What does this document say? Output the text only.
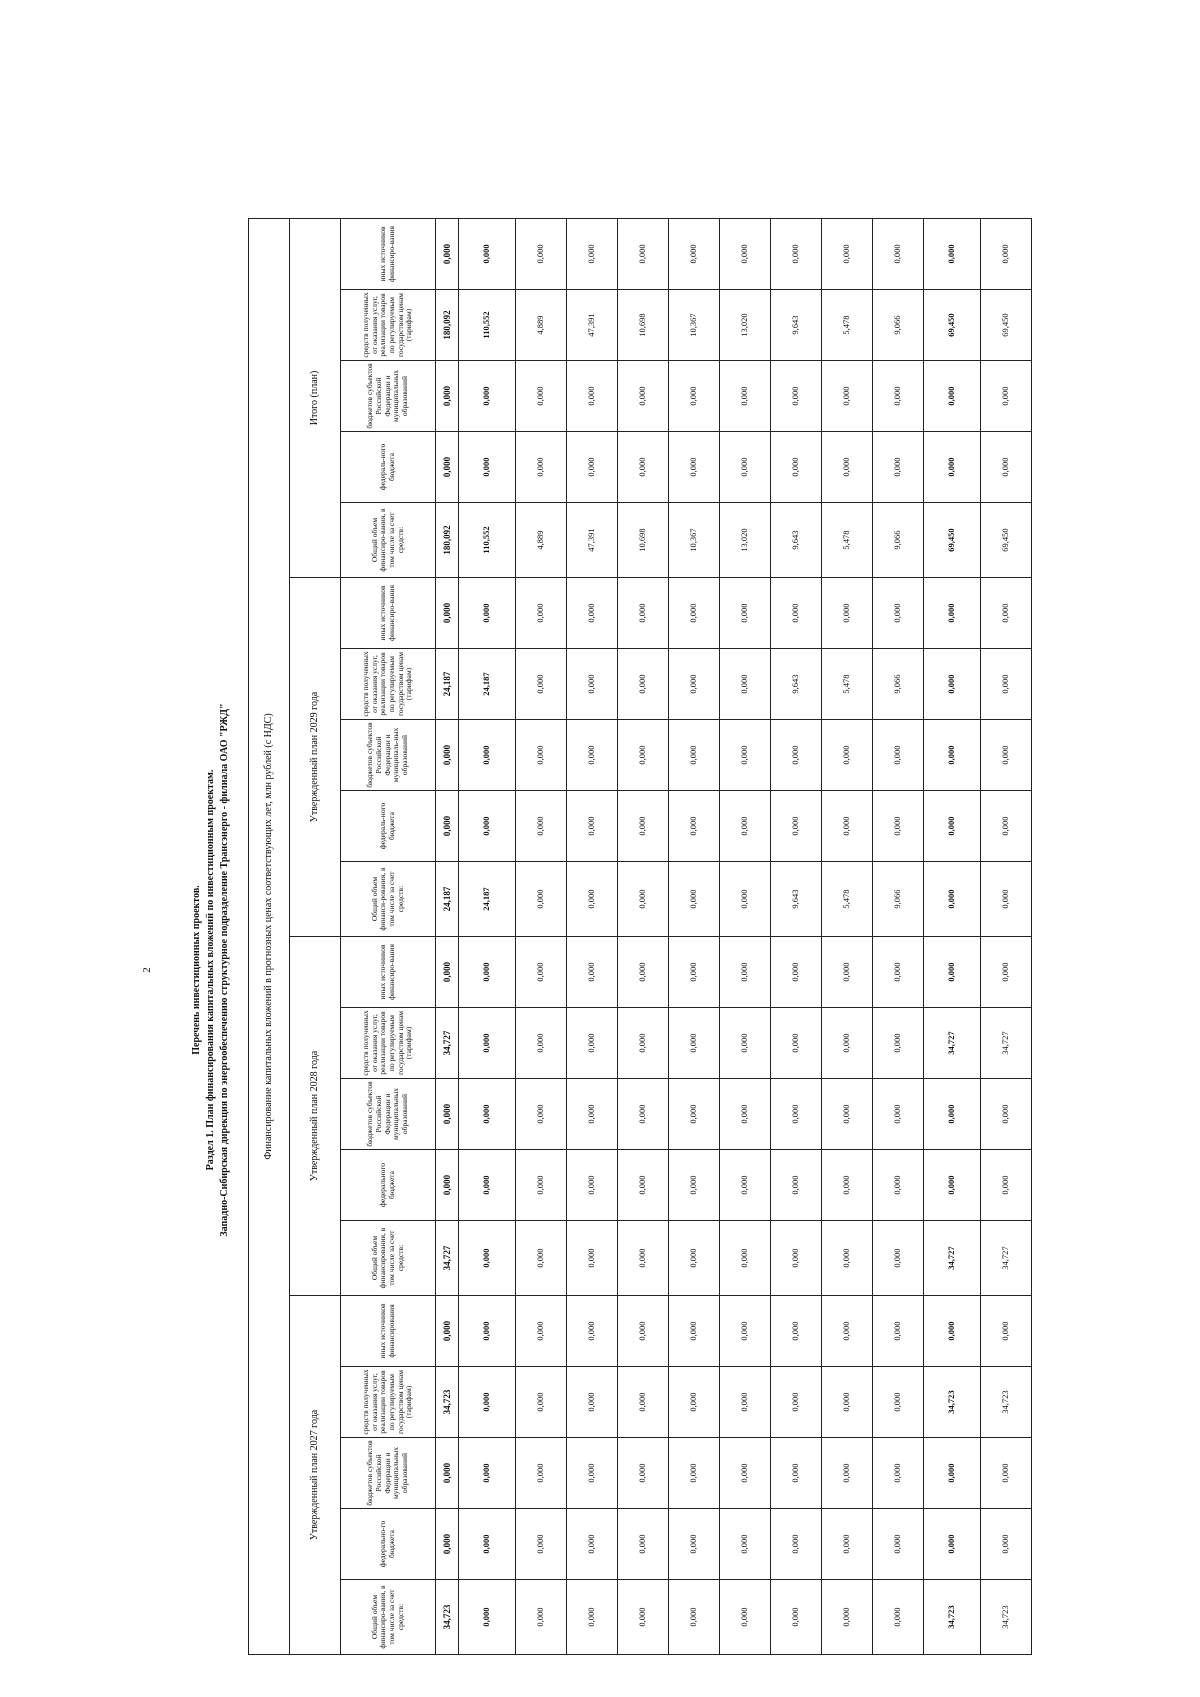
2	Перечень инвестиционных проектов. Раздел 1. План финансирования капитальных вложений по инвестиционным проектам. Западно-Сибирская дирекция по энергообеспечению структурное подразделение Трансэнерго - филиала ОАО "РЖД"	Финансирование капитальных вложений в прогнозных ценах соответствующих лет, млн рублей (с НДС)																			
Утвержденный план 2027 года					Утвержденный план 2028 года					Утвержденный план 2029 года					Итого (план)				
Общий объем финансиро-вания, в том числе за счет средств:	федерально-го бюджета	бюджетов субъектов Российской Федерации и муниципальных образований	средств полученных от оказания услуг, реализации товаров по регулируемым государством ценам (тарифам)	иных источников финансирования	Общий объем финансирования, в том числе за счет средств:	федерального бюджета	бюджетов субъектов Российской Федерации и муниципальных образований	средств полученных от оказания услуг, реализации товаров по регулируемым государством ценам (тарифам)	иных источников финансиро-вания	Общий объем финанси-рования, в том числе за счет средств:	федераль-ного бюджета	бюджетов субъектов Российской Федерации и муниципаль-ных образований	средств полученных от оказания услуг, реализации товаров по регулируемым государством ценам (тарифам)	иных источников финансиро-вания	Общий объем финансиро-вания, в том числе за счет средств:	федераль-ного бюджета	бюджетов субъектов Российской Федерации и муниципальных образований	средств полученных от оказания услуг, реализации товаров по регулируемым государством ценам (тарифам)	иных источников финансиро-вания
34,723	0,000	0,000	34,723	0,000	34,727	0,000	0,000	34,727	0,000	24,187	0,000	0,000	24,187	0,000	180,092	0,000	0,000	180,092	0,000
0,000	0,000	0,000	0,000	0,000	0,000	0,000	0,000	0,000	0,000	24,187	0,000	0,000	24,187	0,000	110,552	0,000	0,000	110,552	0,000
0,000	0,000	0,000	0,000	0,000	0,000	0,000	0,000	0,000	0,000	0,000	0,000	0,000	0,000	0,000	4,889	0,000	0,000	4,889	0,000
0,000	0,000	0,000	0,000	0,000	0,000	0,000	0,000	0,000	0,000	0,000	0,000	0,000	0,000	0,000	47,391	0,000	0,000	47,391	0,000
0,000	0,000	0,000	0,000	0,000	0,000	0,000	0,000	0,000	0,000	0,000	0,000	0,000	0,000	0,000	10,698	0,000	0,000	10,698	0,000
0,000	0,000	0,000	0,000	0,000	0,000	0,000	0,000	0,000	0,000	0,000	0,000	0,000	0,000	0,000	10,367	0,000	0,000	10,367	0,000
0,000	0,000	0,000	0,000	0,000	0,000	0,000	0,000	0,000	0,000	0,000	0,000	0,000	0,000	0,000	13,020	0,000	0,000	13,020	0,000
0,000	0,000	0,000	0,000	0,000	0,000	0,000	0,000	0,000	0,000	9,643	0,000	0,000	9,643	0,000	9,643	0,000	0,000	9,643	0,000
0,000	0,000	0,000	0,000	0,000	0,000	0,000	0,000	0,000	0,000	5,478	0,000	0,000	5,478	0,000	5,478	0,000	0,000	5,478	0,000
0,000	0,000	0,000	0,000	0,000	0,000	0,000	0,000	0,000	0,000	9,066	0,000	0,000	9,066	0,000	9,066	0,000	0,000	9,066	0,000
34,723	0,000	0,000	34,723	0,000	34,727	0,000	0,000	34,727	0,000	0,000	0,000	0,000	0,000	0,000	69,450	0,000	0,000	69,450	0,000
34,723	0,000	0,000	34,723	0,000	34,727	0,000	0,000	34,727	0,000	0,000	0,000	0,000	0,000	0,000	69,450	0,000	0,000	69,450	0,000
